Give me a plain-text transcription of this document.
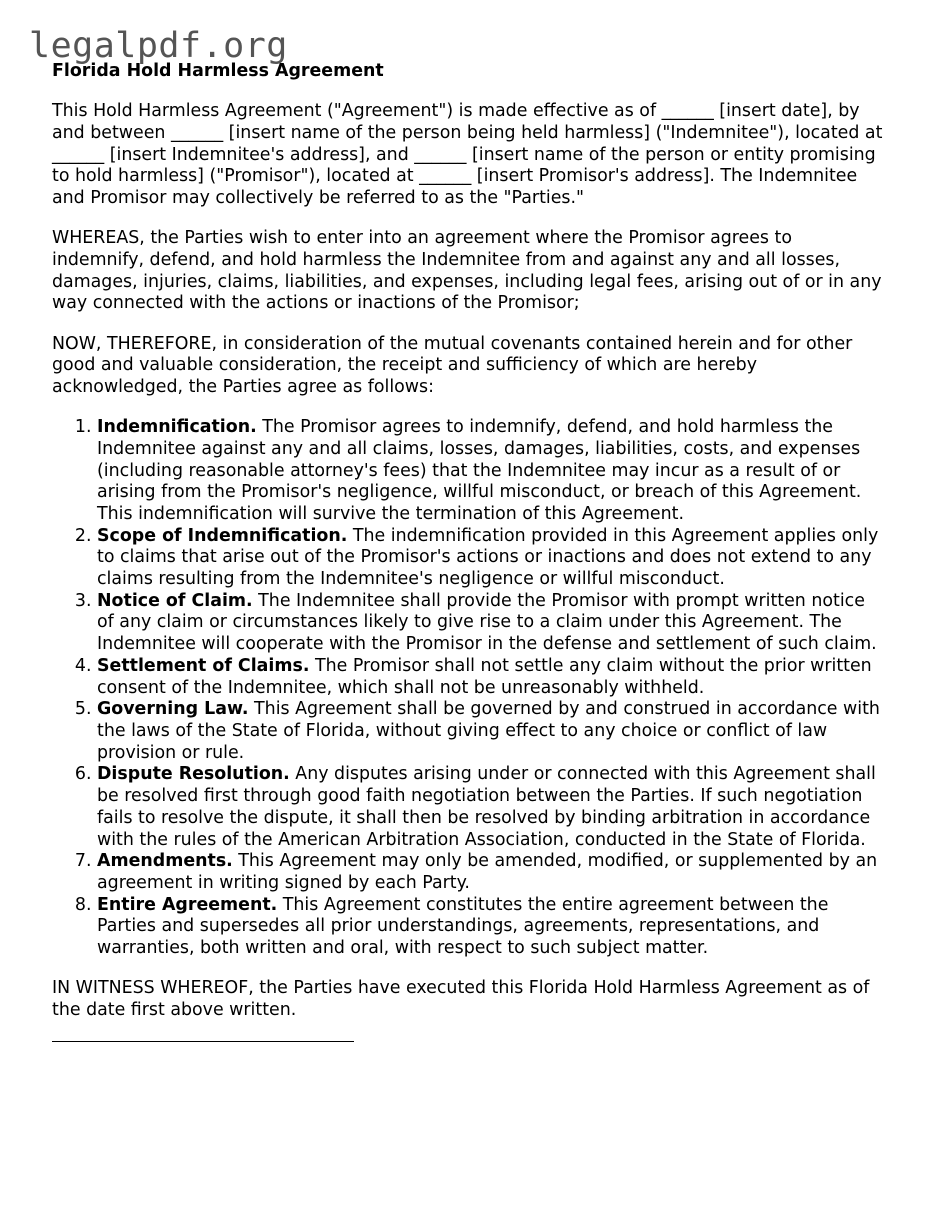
legalpdf.org
Florida Hold Harmless Agreement

This Hold Harmless Agreement ("Agreement") is made effective as of ______ [insert date], by and between ______ [insert name of the person being held harmless] ("Indemnitee"), located at ______ [insert Indemnitee's address], and ______ [insert name of the person or entity promising to hold harmless] ("Promisor"), located at ______ [insert Promisor's address]. The Indemnitee and Promisor may collectively be referred to as the "Parties."

WHEREAS, the Parties wish to enter into an agreement where the Promisor agrees to indemnify, defend, and hold harmless the Indemnitee from and against any and all losses, damages, injuries, claims, liabilities, and expenses, including legal fees, arising out of or in any way connected with the actions or inactions of the Promisor;

NOW, THEREFORE, in consideration of the mutual covenants contained herein and for other good and valuable consideration, the receipt and sufficiency of which are hereby acknowledged, the Parties agree as follows:

1. Indemnification. The Promisor agrees to indemnify, defend, and hold harmless the Indemnitee against any and all claims, losses, damages, liabilities, costs, and expenses (including reasonable attorney's fees) that the Indemnitee may incur as a result of or arising from the Promisor's negligence, willful misconduct, or breach of this Agreement. This indemnification will survive the termination of this Agreement.
2. Scope of Indemnification. The indemnification provided in this Agreement applies only to claims that arise out of the Promisor's actions or inactions and does not extend to any claims resulting from the Indemnitee's negligence or willful misconduct.
3. Notice of Claim. The Indemnitee shall provide the Promisor with prompt written notice of any claim or circumstances likely to give rise to a claim under this Agreement. The Indemnitee will cooperate with the Promisor in the defense and settlement of such claim.
4. Settlement of Claims. The Promisor shall not settle any claim without the prior written consent of the Indemnitee, which shall not be unreasonably withheld.
5. Governing Law. This Agreement shall be governed by and construed in accordance with the laws of the State of Florida, without giving effect to any choice or conflict of law provision or rule.
6. Dispute Resolution. Any disputes arising under or connected with this Agreement shall be resolved first through good faith negotiation between the Parties. If such negotiation fails to resolve the dispute, it shall then be resolved by binding arbitration in accordance with the rules of the American Arbitration Association, conducted in the State of Florida.
7. Amendments. This Agreement may only be amended, modified, or supplemented by an agreement in writing signed by each Party.
8. Entire Agreement. This Agreement constitutes the entire agreement between the Parties and supersedes all prior understandings, agreements, representations, and warranties, both written and oral, with respect to such subject matter.

IN WITNESS WHEREOF, the Parties have executed this Florida Hold Harmless Agreement as of the date first above written.
